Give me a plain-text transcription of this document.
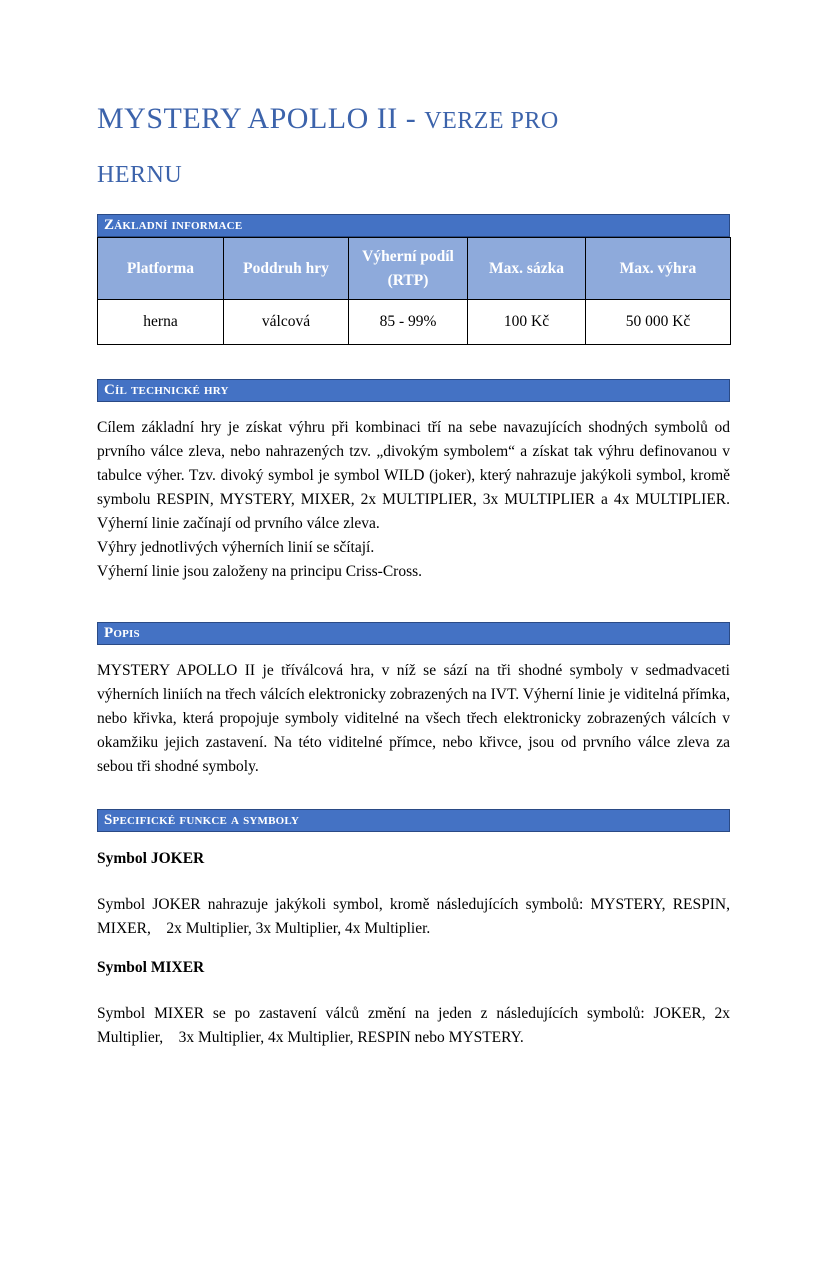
MYSTERY APOLLO II - VERZE PRO
HERNU
Základní informace
Platforma	Poddruh hry	Výherní podíl (RTP)	Max. sázka	Max. výhra
herna	válcová	85 - 99%	100 Kč	50 000 Kč
Cíl technické hry

Cílem základní hry je získat výhru při kombinaci tří na sebe navazujících shodných symbolů od prvního válce zleva, nebo nahrazených tzv. „divokým symbolem“ a získat tak výhru definovanou v tabulce výher. Tzv. divoký symbol je symbol WILD (joker), který nahrazuje jakýkoli symbol, kromě symbolu RESPIN, MYSTERY, MIXER, 2x MULTIPLIER, 3x MULTIPLIER a 4x MULTIPLIER. Výherní linie začínají od prvního válce zleva.

Výhry jednotlivých výherních linií se sčítají.
Výherní linie jsou založeny na principu Criss-Cross.
Popis

MYSTERY APOLLO II je tříválcová hra, v níž se sází na tři shodné symboly v sedmadvaceti výherních liniích na třech válcích elektronicky zobrazených na IVT. Výherní linie je viditelná přímka, nebo křivka, která propojuje symboly viditelné na všech třech elektronicky zobrazených válcích v okamžiku jejich zastavení. Na této viditelné přímce, nebo křivce, jsou od prvního válce zleva za sebou tři shodné symboly.

Specifické funkce a symboly
Symbol JOKER

Symbol JOKER nahrazuje jakýkoli symbol, kromě následujících symbolů: MYSTERY, RESPIN, MIXER,    2x Multiplier, 3x Multiplier, 4x Multiplier.

Symbol MIXER

Symbol MIXER se po zastavení válců změní na jeden z následujících symbolů: JOKER, 2x Multiplier,    3x Multiplier, 4x Multiplier, RESPIN nebo MYSTERY.
